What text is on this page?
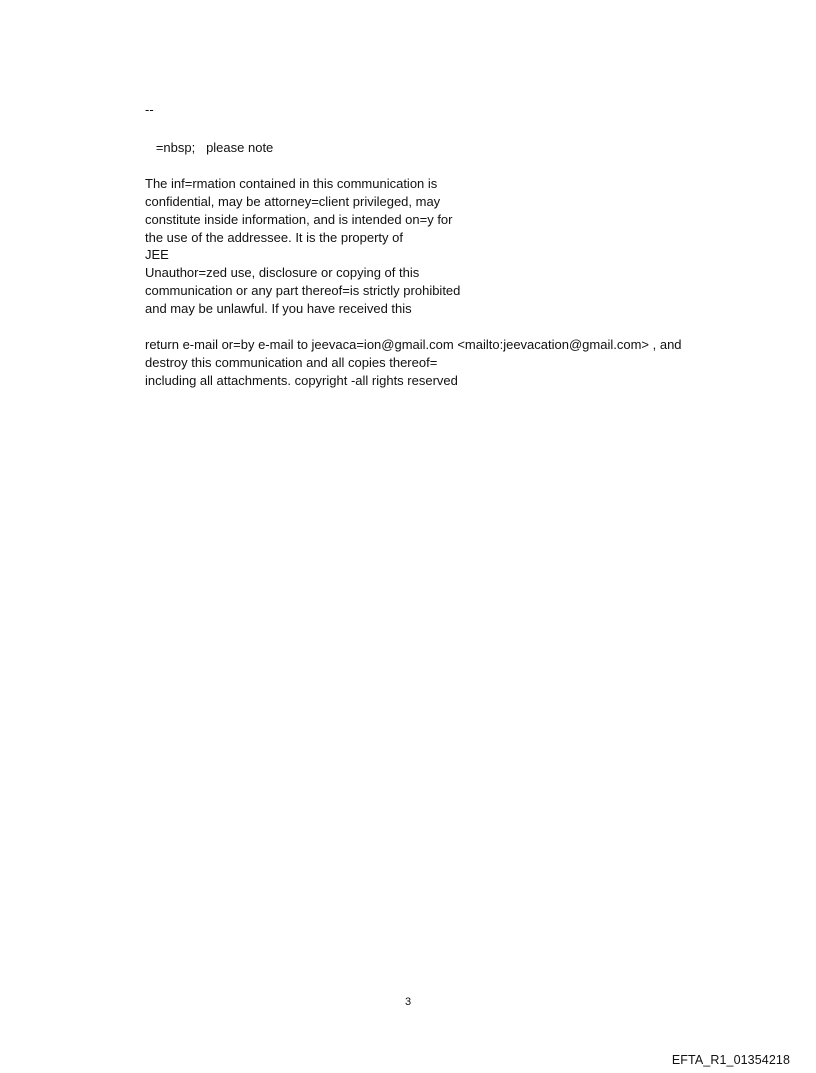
--
=nbsp;   please note
The inf=rmation contained in this communication is
confidential, may be attorney=client privileged, may
constitute inside information, and is intended on=y for
the use of the addressee. It is the property of
JEE
Unauthor=zed use, disclosure or copying of this
communication or any part thereof=is strictly prohibited
and may be unlawful. If you have received this
return e-mail or=by e-mail to jeevaca=ion@gmail.com <mailto:jeevacation@gmail.com> , and
destroy this communication and all copies thereof=
including all attachments. copyright -all rights reserved
3
EFTA_R1_01354218
